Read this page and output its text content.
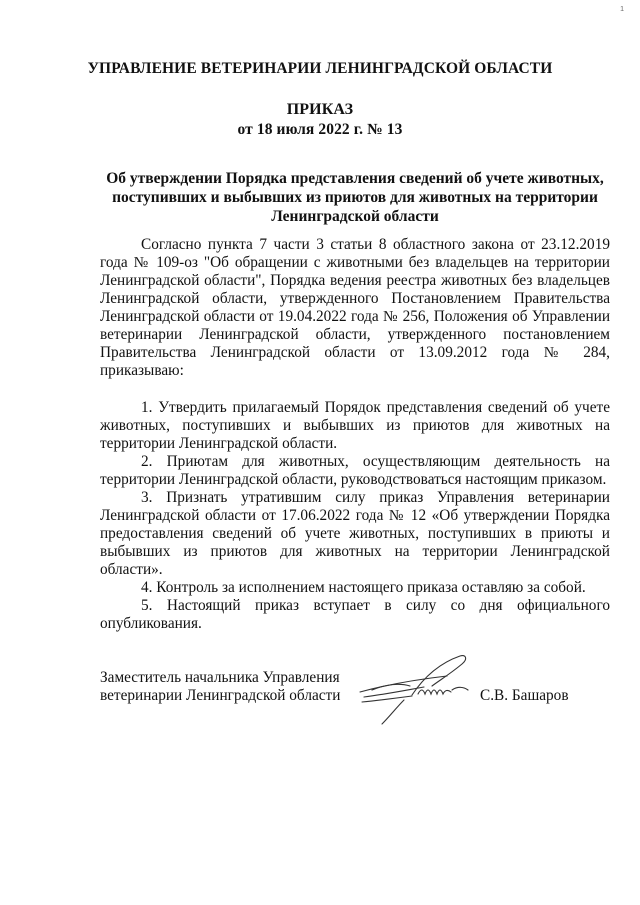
1
УПРАВЛЕНИЕ ВЕТЕРИНАРИИ ЛЕНИНГРАДСКОЙ ОБЛАСТИ
ПРИКАЗ
от 18 июля 2022 г. № 13
Об утверждении Порядка представления сведений об учете животных,
поступивших и выбывших из приютов для животных на территории
Ленинградской области

Согласно пункта 7 части 3 статьи 8 областного закона от 23.12.2019 года № 109-оз "Об обращении с животными без владельцев на территории Ленинградской области", Порядка ведения реестра животных без владельцев Ленинградской области, утвержденного Постановлением Правительства Ленинградской области от 19.04.2022 года № 256, Положения об Управлении ветеринарии Ленинградской области, утвержденного постановлением Правительства Ленинградской области от 13.09.2012 года № 284, приказываю:

1. Утвердить прилагаемый Порядок представления сведений об учете животных, поступивших и выбывших из приютов для животных на территории Ленинградской области.

2. Приютам для животных, осуществляющим деятельность на территории Ленинградской области, руководствоваться настоящим приказом.

3. Признать утратившим силу приказ Управления ветеринарии Ленинградской области от 17.06.2022 года № 12 «Об утверждении Порядка предоставления сведений об учете животных, поступивших в приюты и выбывших из приютов для животных на территории Ленинградской области».

4. Контроль за исполнением настоящего приказа оставляю за собой.

5. Настоящий приказ вступает в силу со дня официального опубликования.

Заместитель начальника Управления
ветеринарии Ленинградской области	С.В. Башаров
